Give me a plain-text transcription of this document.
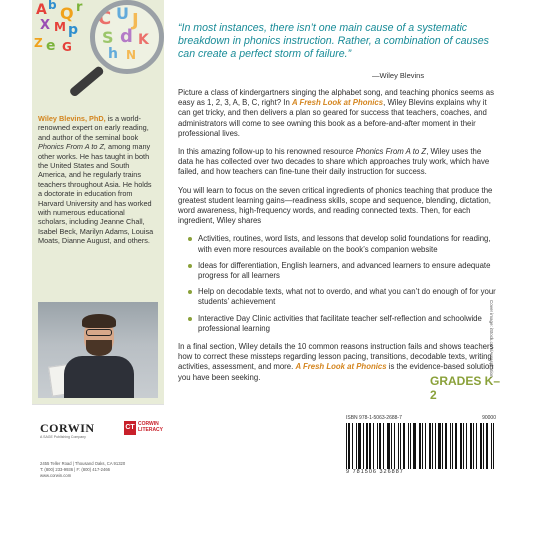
A b Q r
X M p
Z e G
C U J
S d K
h N
Wiley Blevins, PhD, is a world-renowned expert on early reading, and author of the seminal book Phonics From A to Z, among many other works. He has taught in both the United States and South America, and he regularly trains teachers throughout Asia. He holds a doctorate in education from Harvard University and has worked with numerous educational scholars, including Jeanne Chall, Isabel Beck, Marilyn Adams, Louisa Moats, Dianne August, and others.
CORWIN
A SAGE Publishing Company
CT CORWIN
LITERACY
2455 Teller Road | Thousand Oaks, CA 91320
T: (800) 233-9936 | F: (800) 417-2466
www.corwin.com
“In most instances, there isn’t one main cause of a systematic breakdown in phonics instruction. Rather, a combination of causes can create a perfect storm of failure.”
—Wiley Blevins

Picture a class of kindergartners singing the alphabet song, and teaching phonics seems as easy as 1, 2, 3, A, B, C, right? In A Fresh Look at Phonics, Wiley Blevins explains why it can get tricky, and then delivers a plan so geared for success that teachers, coaches, and administrators will come to see owning this book as a before-and-after moment in their professional lives.

In this amazing follow-up to his renowned resource Phonics From A to Z, Wiley uses the data he has collected over two decades to share which approaches truly work, which have failed, and how teachers can fine-tune their daily instruction for success.

You will learn to focus on the seven critical ingredients of phonics teaching that produce the greatest student learning gains—readiness skills, scope and sequence, blending, dictation, word awareness, high-frequency words, and reading connected texts. Then, for each ingredient, Wiley shares

Activities, routines, word lists, and lessons that develop solid foundations for reading, with even more resources available on the book’s companion website
Ideas for differentiation, English learners, and advanced learners to ensure adequate progress for all learners
Help on decodable texts, what not to overdo, and what you can’t do enough of for your students’ achievement
Interactive Day Clinic activities that facilitate teacher self-reflection and schoolwide professional learning

In a final section, Wiley details the 10 common reasons instruction fails and shows teachers how to correct these missteps regarding lesson pacing, transitions, decodable texts, writing activities, assessment, and more. A Fresh Look at Phonics is the evidence-based solution you have been seeking.	GRADES K–2
ISBN 978-1-5063-2688-7	90000
9 781506 326887
Cover image: iStock.com/Arcaspiration
